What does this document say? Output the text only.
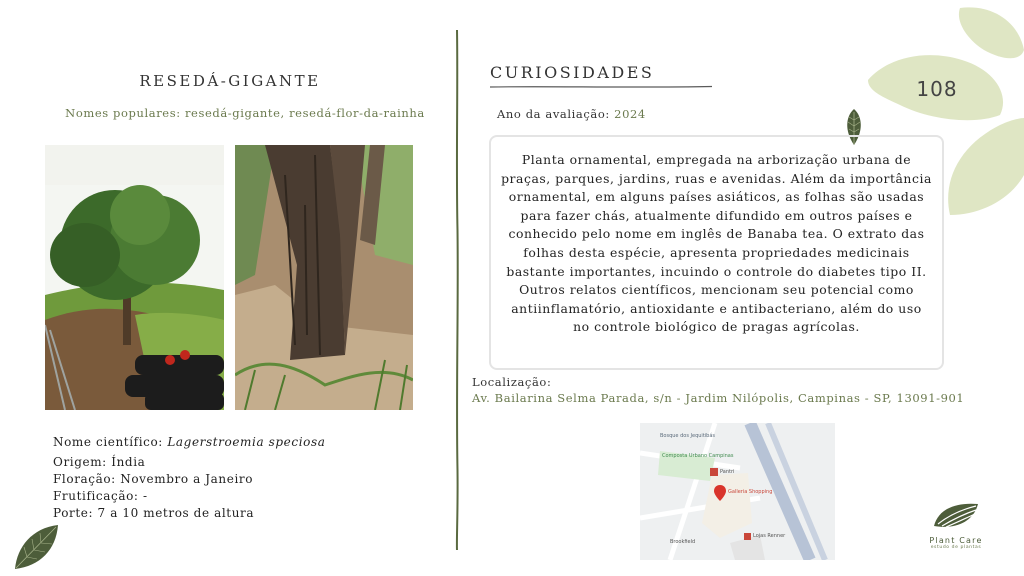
108
RESEDÁ-GIGANTE
Nomes populares: resedá-gigante, resedá-flor-da-rainha
Nome científico: Lagerstroemia speciosa
Origem: Índia
Floração: Novembro a Janeiro
Frutificação: -
Porte: 7 a 10 metros de altura
CURIOSIDADES
Ano da avaliação: 2024
Planta ornamental, empregada na arborização urbana de praças, parques, jardins, ruas e avenidas. Além da importância ornamental, em alguns países asiáticos, as folhas são usadas para fazer chás, atualmente difundido em outros países e conhecido pelo nome em inglês de Banaba tea. O extrato das folhas desta espécie, apresenta propriedades medicinais bastante importantes, incuindo o controle do diabetes tipo II. Outros relatos científicos, mencionam seu potencial como antiinflamatório, antioxidante e antibacteriano, além do uso no controle biológico de pragas agrícolas.
Localização:
Av. Bailarina Selma Parada, s/n - Jardim Nilópolis, Campinas - SP, 13091-901
Bosque dos Jequitibás
Composta Urbano Campinas
Pantri
Galleria Shopping
Lojas Renner
Brookfield	Plant Care
estudo de plantas
